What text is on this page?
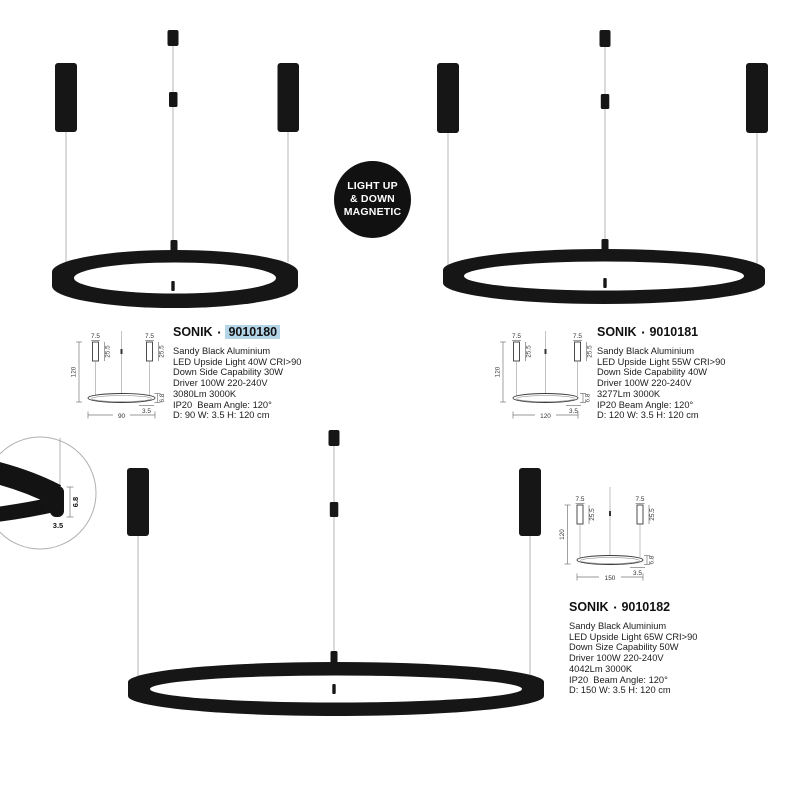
LIGHT UP
& DOWN
MAGNETIC
2.3
6.8
3.5
120
7.5	7.5
25.5	25.5
6.8
3.5
90
120
7.5	7.5
25.5	25.5
6.8
3.5
120
120
7.5	7.5
25.5	25.5
6.8
3.5
150
SONIK ▪ 9010180
Sandy Black Aluminium
LED Upside Light 40W CRI>90
Down Side Capability 30W
Driver 100W 220-240V
3080Lm 3000K
IP20  Beam Angle: 120°
D: 90 W: 3.5 H: 120 cm
SONIK ▪ 9010181
Sandy Black Aluminium
LED Upside Light 55W CRI>90
Down Side Capability 40W
Driver 100W 220-240V
3277Lm 3000K
IP20 Beam Angle: 120°
D: 120 W: 3.5 H: 120 cm
SONIK ▪ 9010182
Sandy Black Aluminium
LED Upside Light 65W CRI>90
Down Size Capability 50W
Driver 100W 220-240V
4042Lm 3000K
IP20  Beam Angle: 120°
D: 150 W: 3.5 H: 120 cm
